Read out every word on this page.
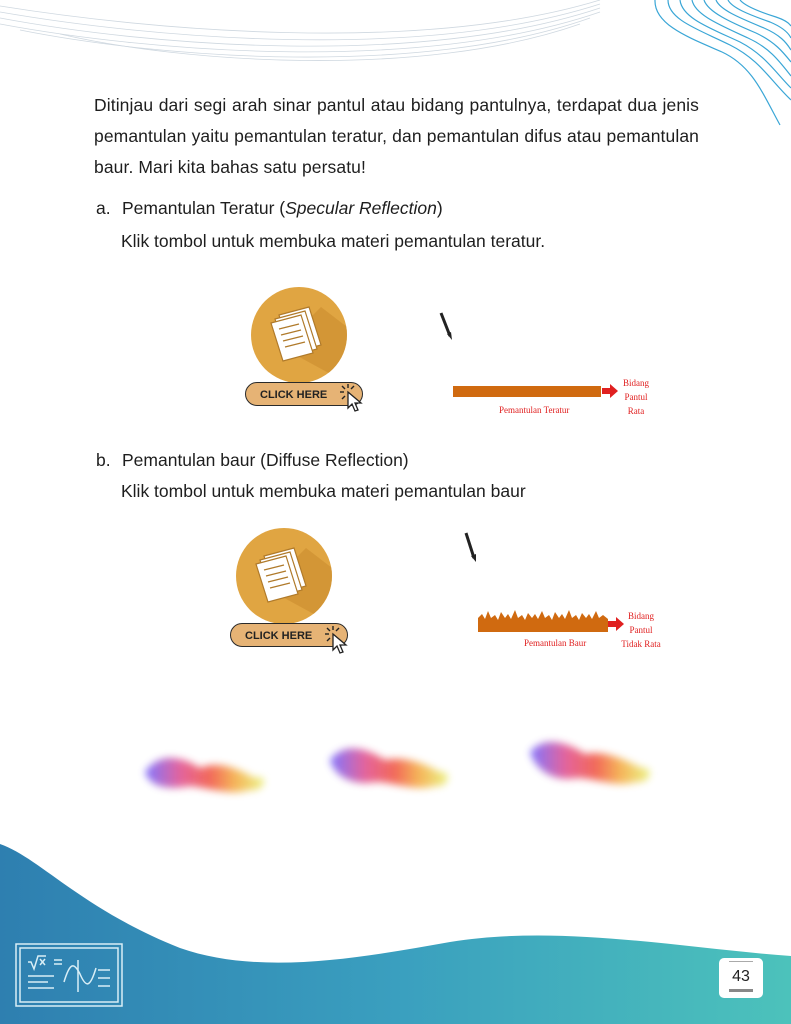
Ditinjau dari segi arah sinar pantul atau bidang pantulnya, terdapat dua jenis pemantulan yaitu pemantulan teratur, dan pemantulan difus atau pemantulan baur. Mari kita bahas satu persatu!
a. Pemantulan Teratur (Specular Reflection)
Klik tombol untuk membuka materi pemantulan teratur.
CLICK HERE
Bidang Pantul
Rata
Pemantulan Teratur
b. Pemantulan baur (Diffuse Reflection)
Klik tombol untuk membuka materi pemantulan baur
CLICK HERE
Bidang Pantul
Tidak Rata
Pemantulan Baur
43
